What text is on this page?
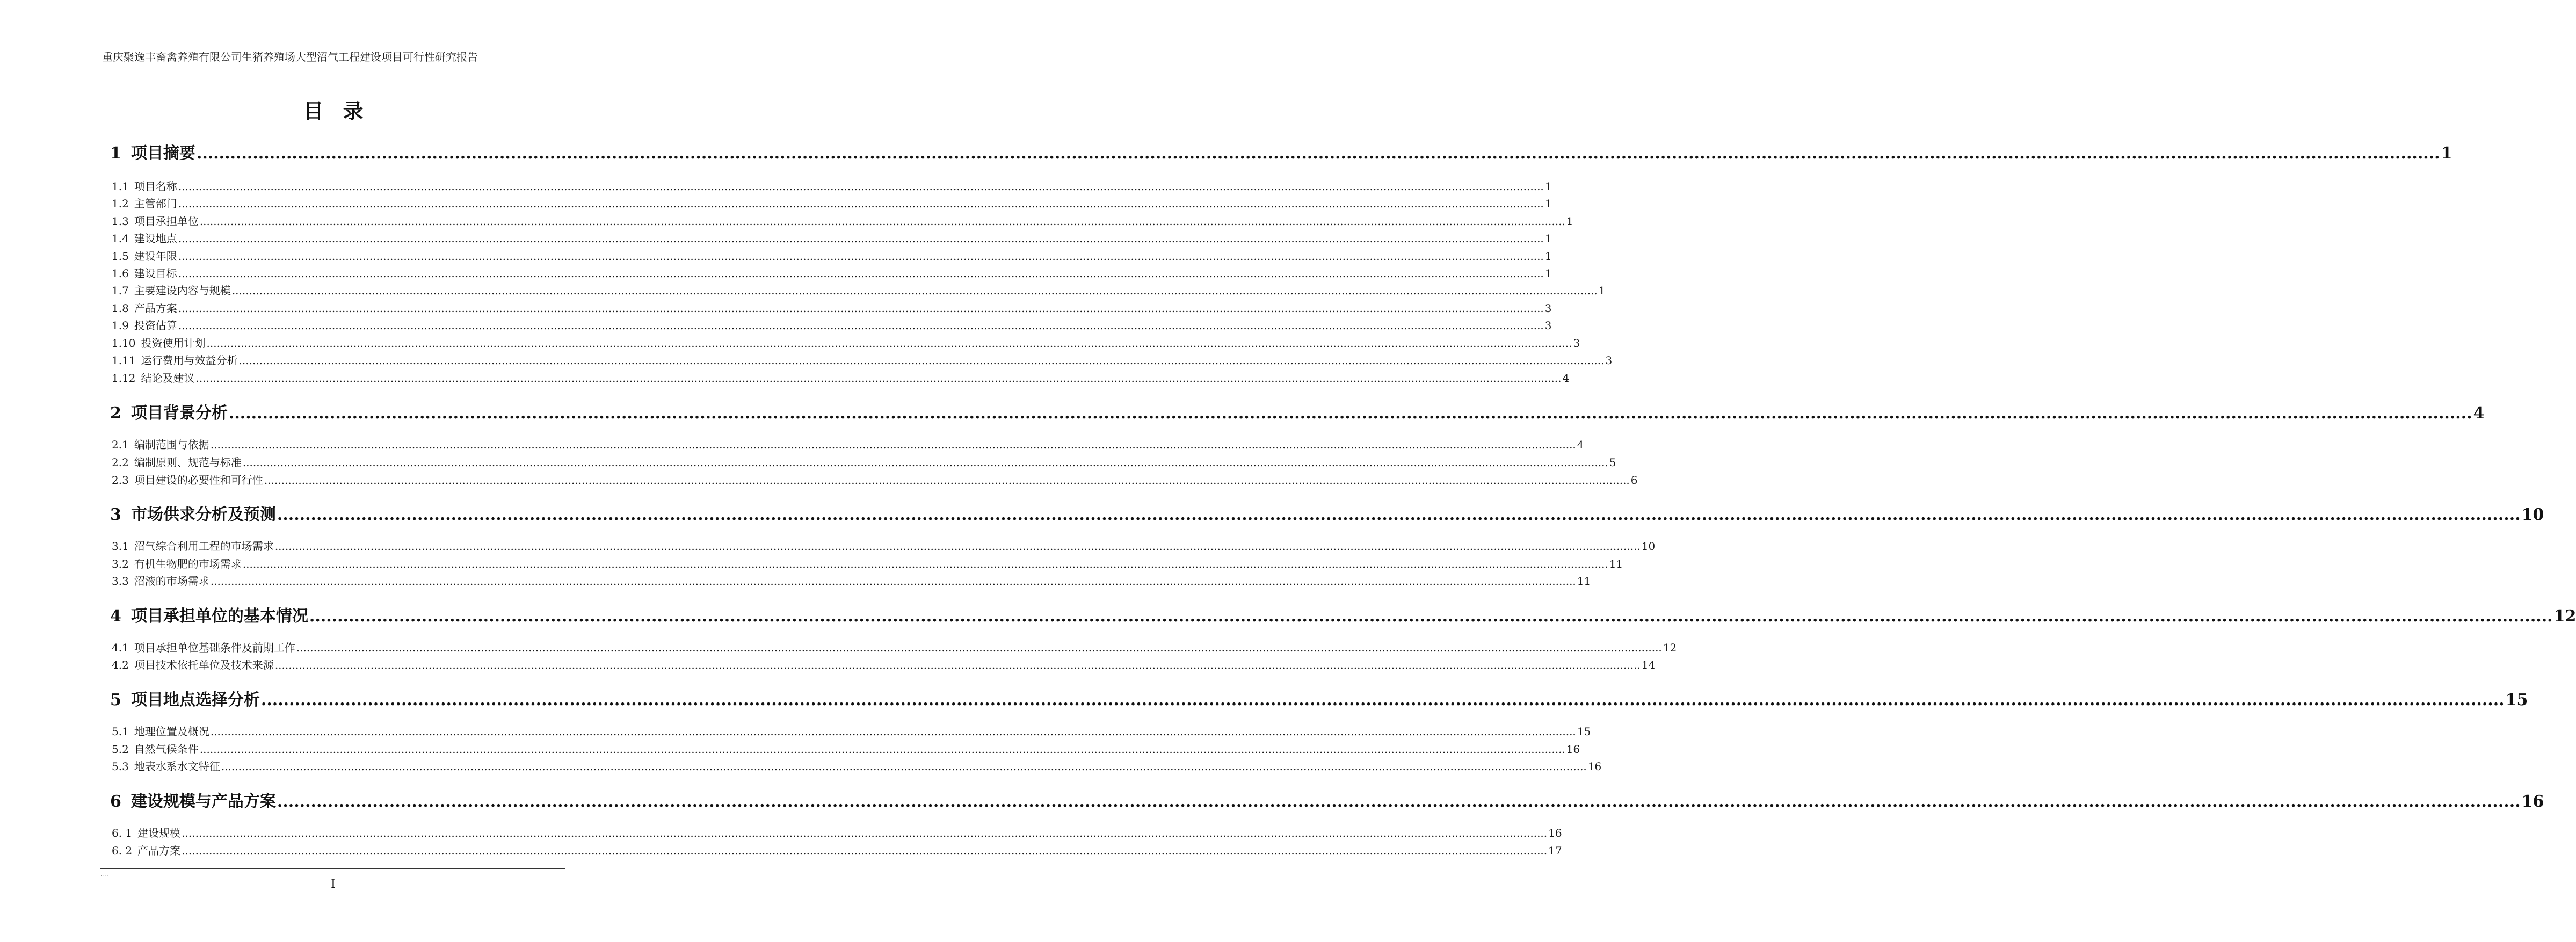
重庆聚逸丰畜禽养殖有限公司生猪养殖场大型沼气工程建设项目可行性研究报告
目录
1 项目摘要 ................................................................................................................................................................................................................................................................................................................................................................................................................ 1
1.1 项目名称 ................................................................................................................................................................................................................................................................................................................................................................................................................ 1
1.2 主管部门 ................................................................................................................................................................................................................................................................................................................................................................................................................ 1
1.3 项目承担单位 ................................................................................................................................................................................................................................................................................................................................................................................................................ 1
1.4 建设地点 ................................................................................................................................................................................................................................................................................................................................................................................................................ 1
1.5 建设年限 ................................................................................................................................................................................................................................................................................................................................................................................................................ 1
1.6 建设目标 ................................................................................................................................................................................................................................................................................................................................................................................................................ 1
1.7 主要建设内容与规模 ................................................................................................................................................................................................................................................................................................................................................................................................................ 1
1.8 产品方案 ................................................................................................................................................................................................................................................................................................................................................................................................................ 3
1.9 投资估算 ................................................................................................................................................................................................................................................................................................................................................................................................................ 3
1.10 投资使用计划 ................................................................................................................................................................................................................................................................................................................................................................................................................ 3
1.11 运行费用与效益分析 ................................................................................................................................................................................................................................................................................................................................................................................................................ 3
1.12 结论及建议 ................................................................................................................................................................................................................................................................................................................................................................................................................ 4
2 项目背景分析 ................................................................................................................................................................................................................................................................................................................................................................................................................ 4
2.1 编制范围与依据 ................................................................................................................................................................................................................................................................................................................................................................................................................ 4
2.2 编制原则、规范与标准 ................................................................................................................................................................................................................................................................................................................................................................................................................ 5
2.3 项目建设的必要性和可行性 ................................................................................................................................................................................................................................................................................................................................................................................................................ 6
3 市场供求分析及预测 ................................................................................................................................................................................................................................................................................................................................................................................................................ 10
3.1 沼气综合利用工程的市场需求 ................................................................................................................................................................................................................................................................................................................................................................................................................ 10
3.2 有机生物肥的市场需求 ................................................................................................................................................................................................................................................................................................................................................................................................................ 11
3.3 沼液的市场需求 ................................................................................................................................................................................................................................................................................................................................................................................................................ 11
4 项目承担单位的基本情况 ................................................................................................................................................................................................................................................................................................................................................................................................................ 12
4.1 项目承担单位基础条件及前期工作 ................................................................................................................................................................................................................................................................................................................................................................................................................ 12
4.2 项目技术依托单位及技术来源 ................................................................................................................................................................................................................................................................................................................................................................................................................ 14
5 项目地点选择分析 ................................................................................................................................................................................................................................................................................................................................................................................................................ 15
5.1 地理位置及概况 ................................................................................................................................................................................................................................................................................................................................................................................................................ 15
5.2 自然气候条件 ................................................................................................................................................................................................................................................................................................................................................................................................................ 16
5.3 地表水系水文特征 ................................................................................................................................................................................................................................................................................................................................................................................................................ 16
6 建设规模与产品方案 ................................................................................................................................................................................................................................................................................................................................................................................................................ 16
6. 1 建设规模 ................................................................................................................................................................................................................................................................................................................................................................................................................ 16
6. 2 产品方案 ................................................................................................................................................................................................................................................................................................................................................................................................................ 17
....
I
